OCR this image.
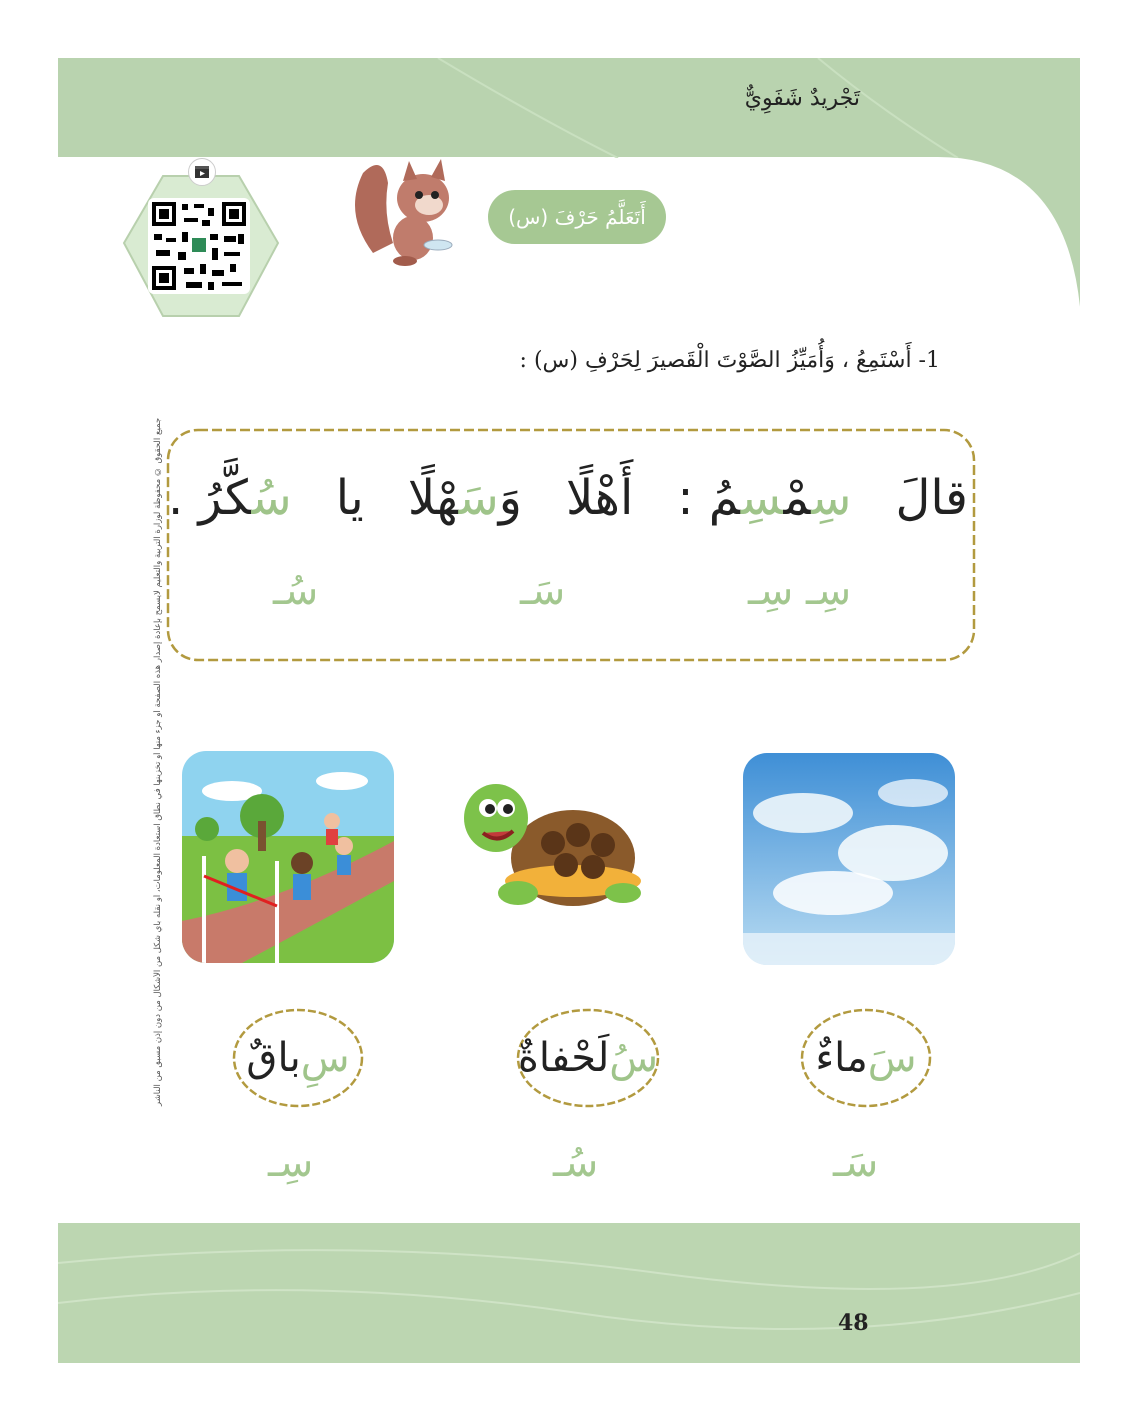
تَجْريدٌ شَفَوِيٌّ
أَتَعَلَّمُ حَرْفَ (س)
1- أَسْتَمِعُ ، وَأُمَيِّزُ الصَّوْتَ الْقَصيرَ لِحَرْفِ (س) :
جميع الحقوق © محفوظة لوزارة التربية والتعليم لايسمح بإعادة إصدار هذه الصفحة أو جزء منها أو تخزينها في نطاق استعادة المعلومات، أو نقله بأي شكل من الأشكال من دون إذن مسبق من الناشر	قالَ
سِمْسِمُ :
أَهْلًا
وَسَهْلًا
يا
سُكَّرُ .
سِـ سِـ
سَـ
سُـ
سَ
ماءٌ
سُ
لَحْفاةٌ
سِ
باقٌ
سَـ
سُـ
سِـ
48
